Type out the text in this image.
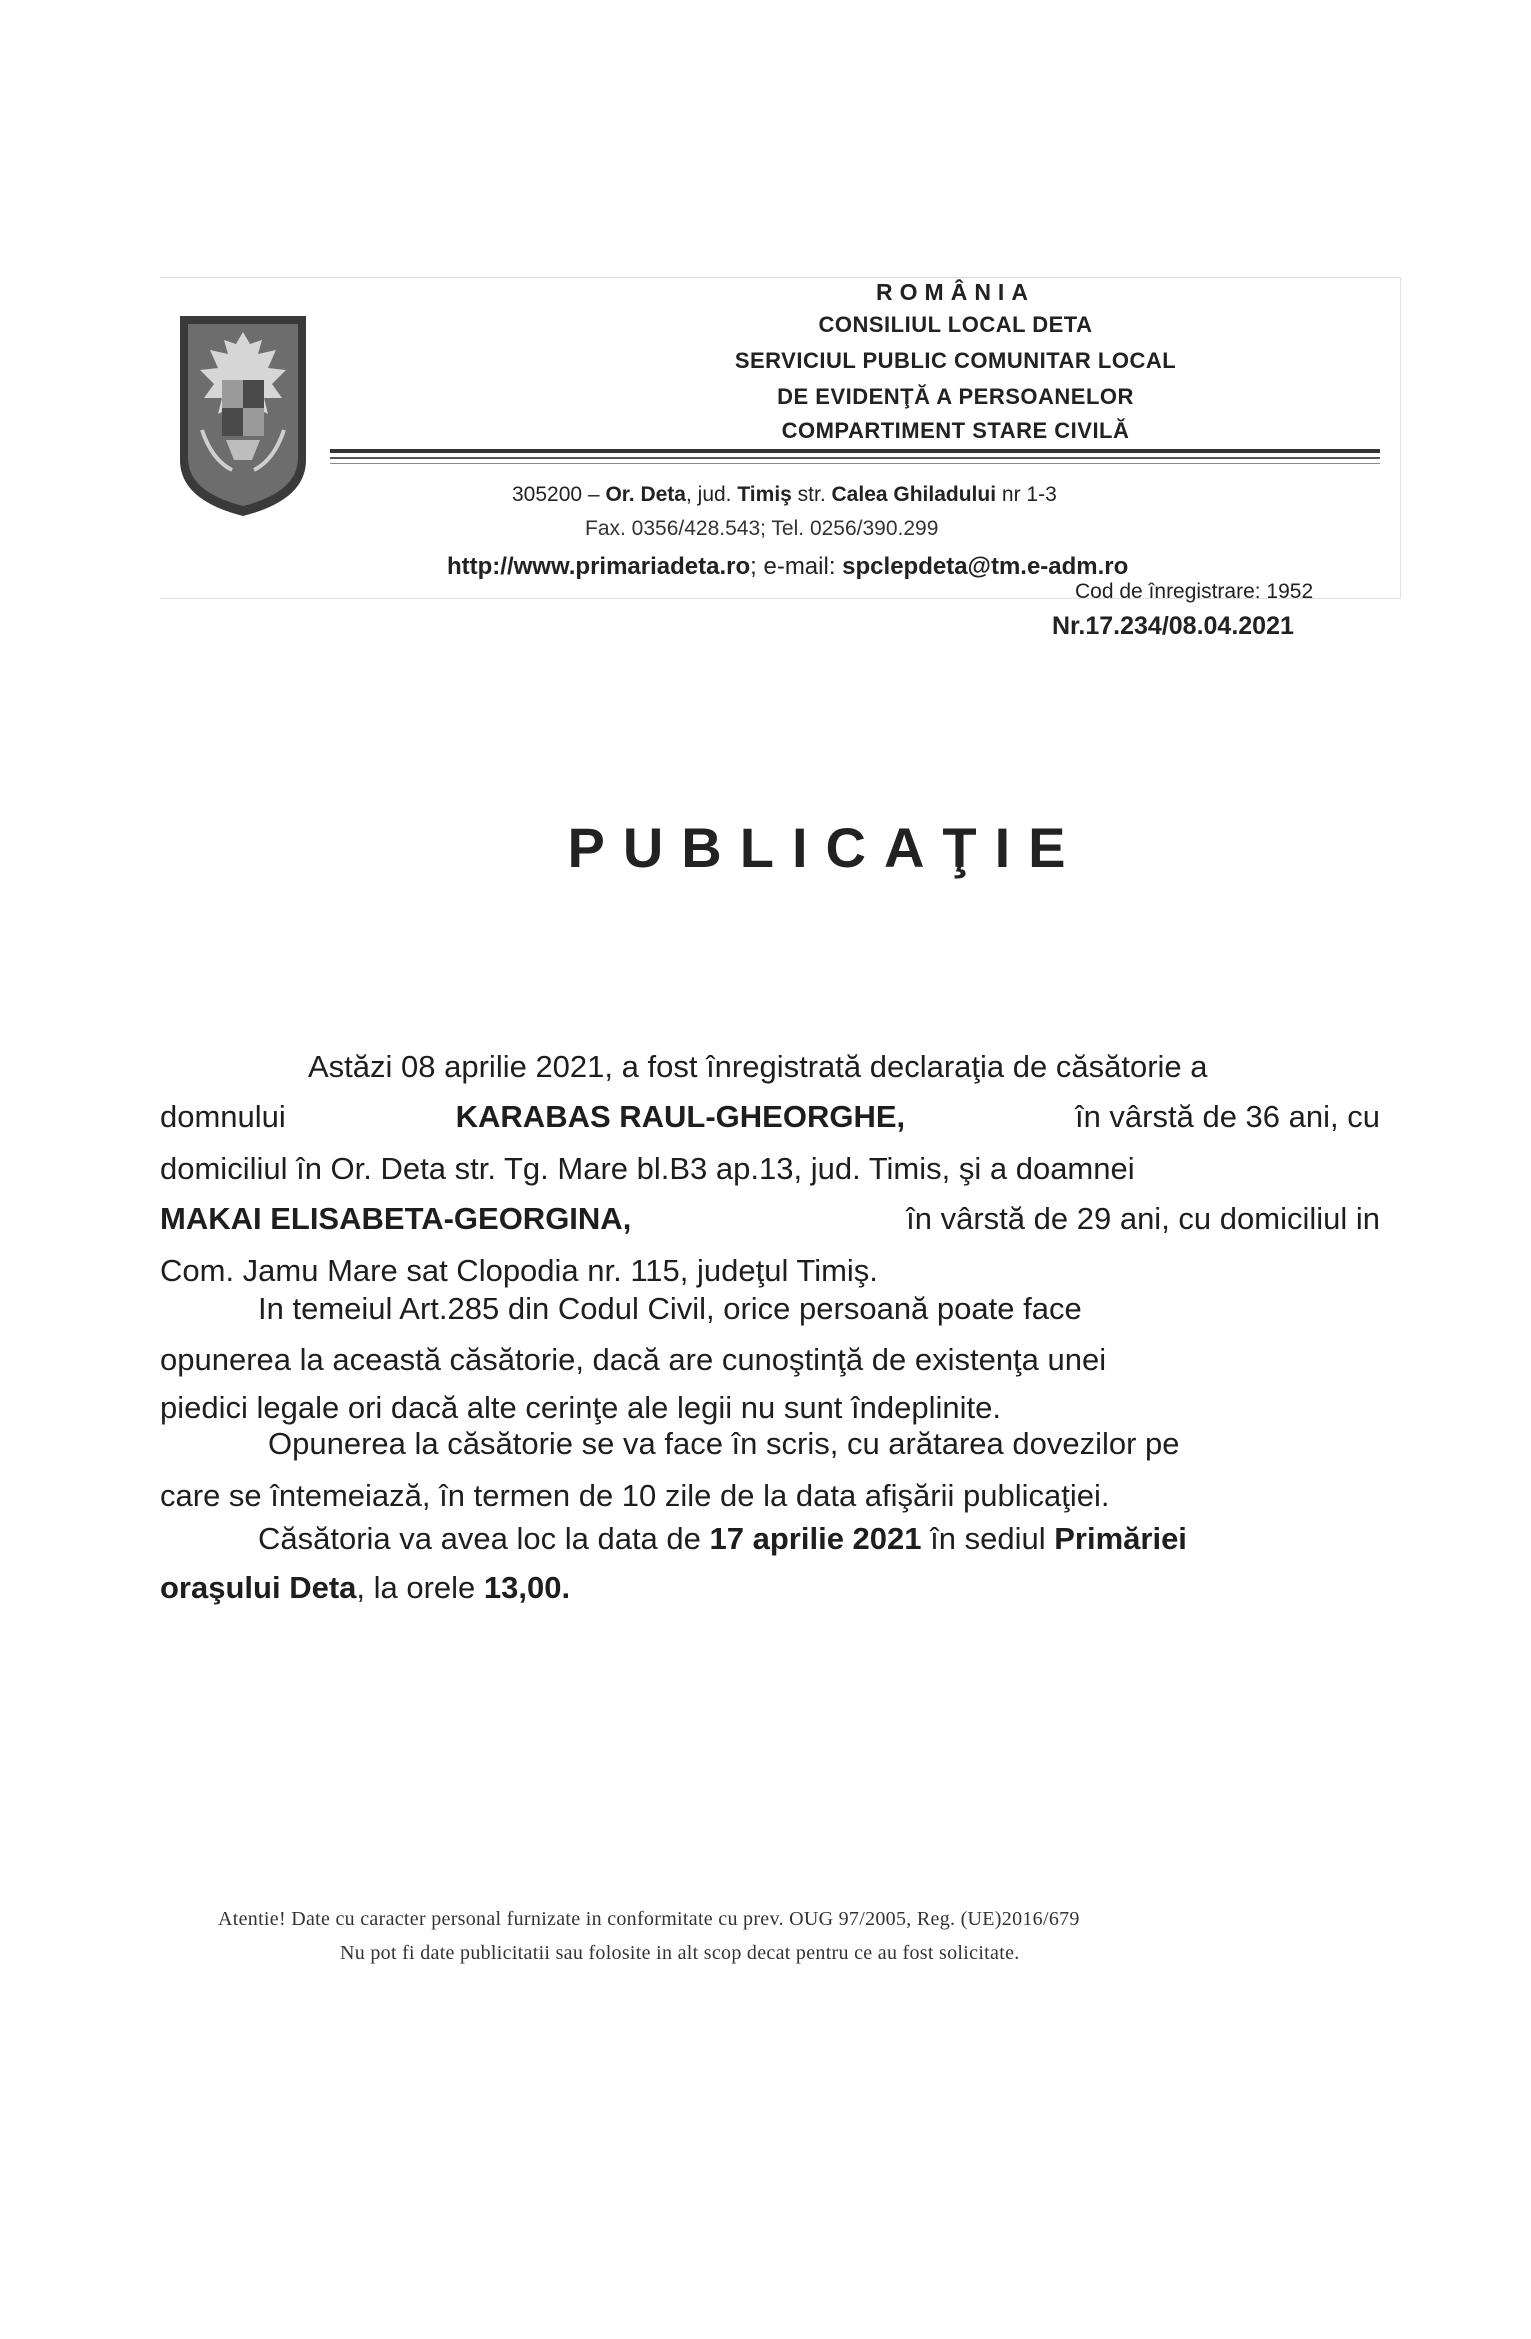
ROMÂNIA
CONSILIUL LOCAL DETA
SERVICIUL PUBLIC COMUNITAR LOCAL
DE EVIDENŢĂ A PERSOANELOR
COMPARTIMENT STARE CIVILĂ
305200 – Or. Deta, jud. Timiş str. Calea Ghiladului nr 1-3
Fax. 0356/428.543; Tel. 0256/390.299
http://www.primariadeta.ro; e-mail: spclepdeta@tm.e-adm.ro
Cod de înregistrare: 1952
Nr.17.234/08.04.2021
PUBLICAŢIE
Astăzi 08 aprilie 2021, a fost înregistrată declaraţia de căsătorie a
domnului	KARABAS RAUL-GHEORGHE,	în vârstă de 36 ani, cu
domiciliul în Or. Deta str. Tg. Mare bl.B3 ap.13, jud. Timis, şi a doamnei
MAKAI ELISABETA-GEORGINA,	în vârstă de 29 ani, cu domiciliul in
Com. Jamu Mare sat Clopodia nr. 115, judeţul Timiş.
In temeiul Art.285 din Codul Civil, orice persoană poate face
opunerea la această căsătorie, dacă are cunoştinţă de existenţa unei
piedici legale ori dacă alte cerinţe ale legii nu sunt îndeplinite.
Opunerea la căsătorie se va face în scris, cu arătarea dovezilor pe
care se întemeiază, în termen de 10 zile de la data afişării publicaţiei.
Căsătoria va avea loc la data de 17 aprilie 2021 în sediul Primăriei
oraşului Deta, la orele 13,00.
Atentie! Date cu caracter personal furnizate in conformitate cu prev. OUG 97/2005, Reg. (UE)2016/679
Nu pot fi date publicitatii sau folosite in alt scop decat pentru ce au fost solicitate.
